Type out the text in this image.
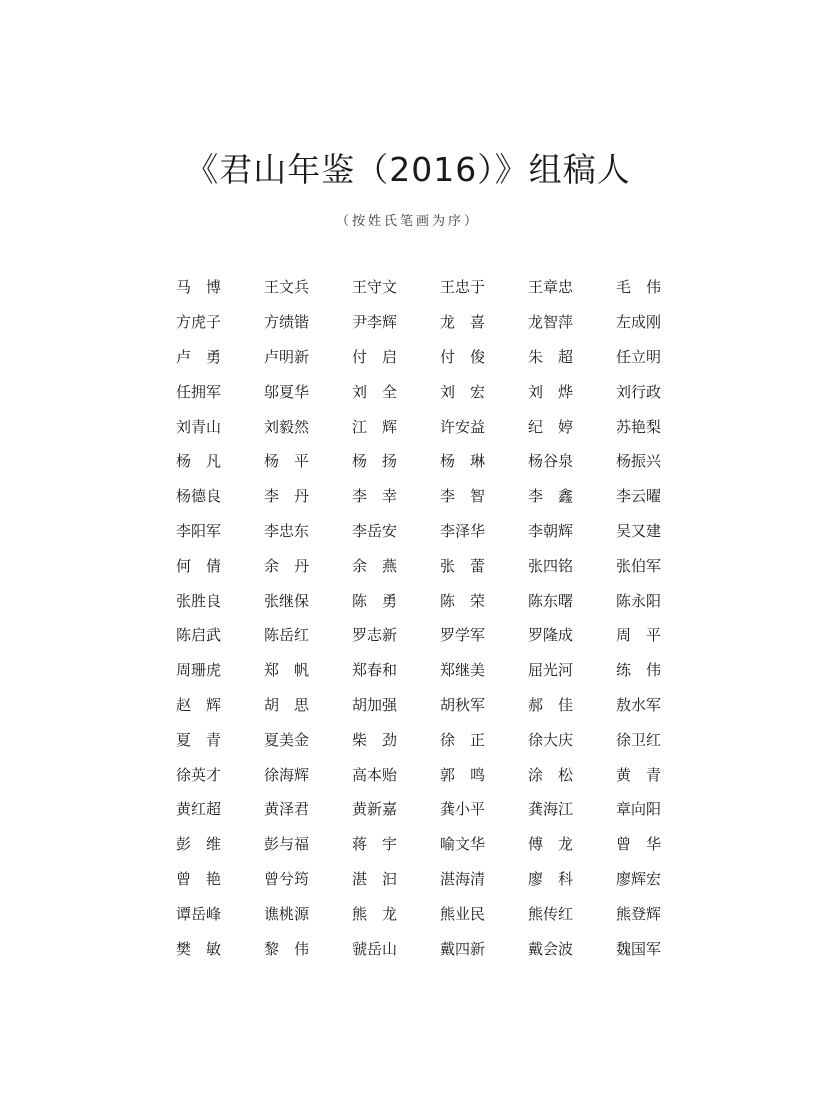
《君山年鉴（2016）》组稿人
（按姓氏笔画为序）
马　博	王文兵	王守文	王忠于	王章忠	毛　伟
方虎子	方绩锴	尹李辉	龙　喜	龙智萍	左成刚
卢　勇	卢明新	付　启	付　俊	朱　超	任立明
任拥军	邬夏华	刘　全	刘　宏	刘　烨	刘行政
刘青山	刘毅然	江　辉	许安益	纪　婷	苏艳梨
杨　凡	杨　平	杨　扬	杨　琳	杨谷泉	杨振兴
杨德良	李　丹	李　幸	李　智	李　鑫	李云曜
李阳军	李忠东	李岳安	李泽华	李朝辉	吴又建
何　倩	余　丹	余　燕	张　蕾	张四铭	张伯军
张胜良	张继保	陈　勇	陈　荣	陈东曙	陈永阳
陈启武	陈岳红	罗志新	罗学军	罗隆成	周　平
周珊虎	郑　帆	郑春和	郑继美	屈光河	练　伟
赵　辉	胡　思	胡加强	胡秋军	郝　佳	敖水军
夏　青	夏美金	柴　劲	徐　正	徐大庆	徐卫红
徐英才	徐海辉	高本贻	郭　鸣	涂　松	黄　青
黄红超	黄泽君	黄新嘉	龚小平	龚海江	章向阳
彭　维	彭与福	蒋　宇	喻文华	傅　龙	曾　华
曾　艳	曾兮筠	湛　汩	湛海清	廖　科	廖辉宏
谭岳峰	谯桃源	熊　龙	熊业民	熊传红	熊登辉
樊　敏	黎　伟	虢岳山	戴四新	戴会波	魏国军
